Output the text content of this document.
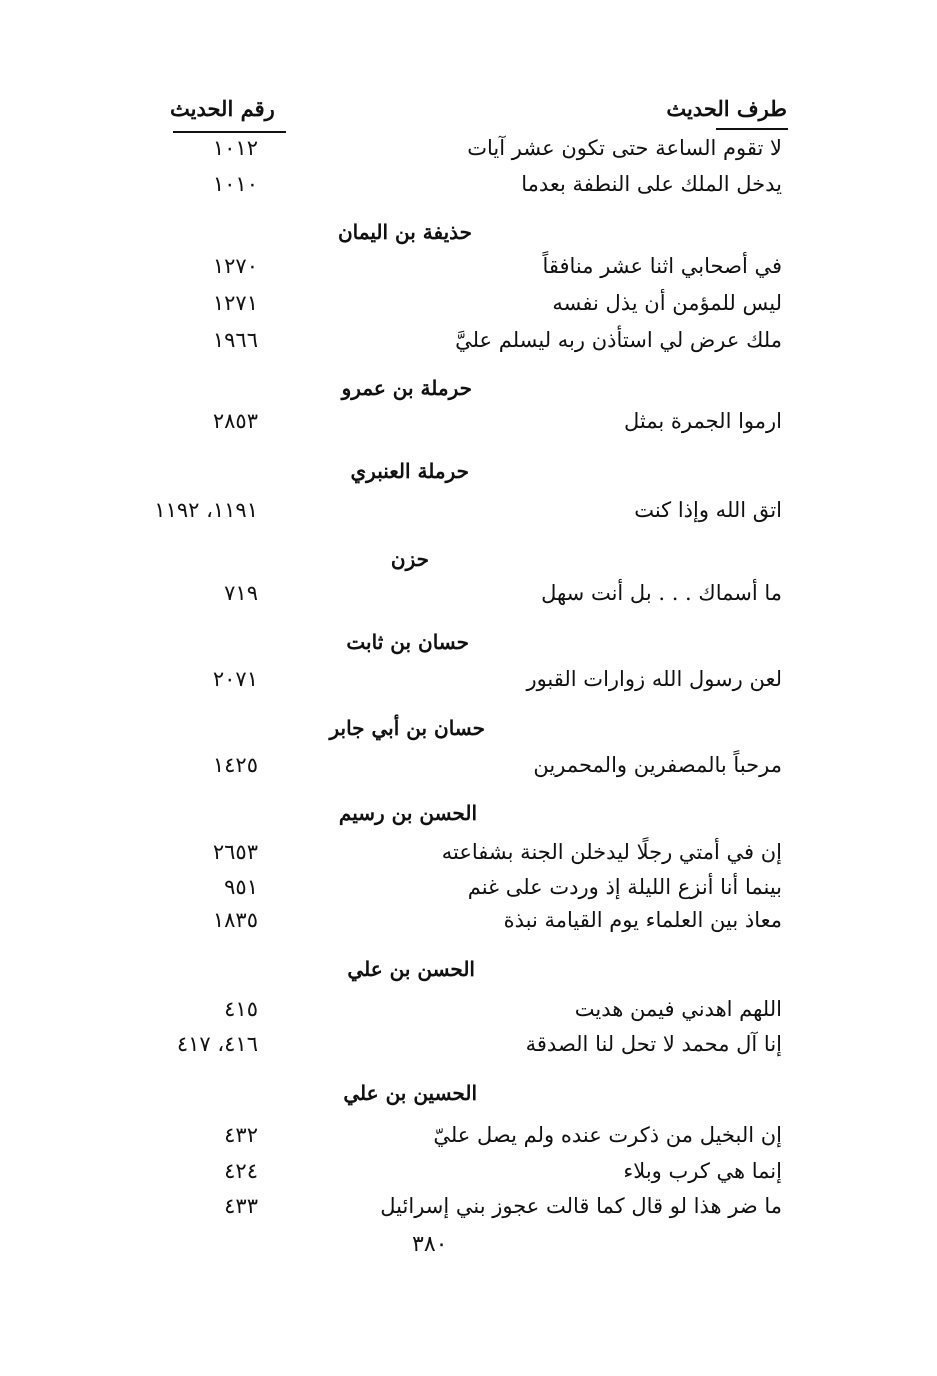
طرف الحديث
رقم الحديث
لا تقوم الساعة حتى تكون عشر آيات
١٠١٢
يدخل الملك على النطفة بعدما
١٠١٠
حذيفة بن اليمان
في أصحابي اثنا عشر منافقاً
١٢٧٠
ليس للمؤمن أن يذل نفسه
١٢٧١
ملك عرض لي استأذن ربه ليسلم عليَّ
١٩٦٦
حرملة بن عمرو
ارموا الجمرة بمثل
٢٨٥٣
حرملة العنبري
اتق الله وإذا كنت
١١٩١، ١١٩٢
حزن
ما أسماك . . . بل أنت سهل
٧١٩
حسان بن ثابت
لعن رسول الله زوارات القبور
٢٠٧١
حسان بن أبي جابر
مرحباً بالمصفرين والمحمرين
١٤٢٥
الحسن بن رسيم
إن في أمتي رجلًا ليدخلن الجنة بشفاعته
٢٦٥٣
بينما أنا أنزع الليلة إذ وردت على غنم
٩٥١
معاذ بين العلماء يوم القيامة نبذة
١٨٣٥
الحسن بن علي
اللهم اهدني فيمن هديت
٤١٥
إنا آل محمد لا تحل لنا الصدقة
٤١٦، ٤١٧
الحسين بن علي
إن البخيل من ذكرت عنده ولم يصل عليّ
٤٣٢
إنما هي كرب وبلاء
٤٢٤
ما ضر هذا لو قال كما قالت عجوز بني إسرائيل
٤٣٣
٣٨٠
